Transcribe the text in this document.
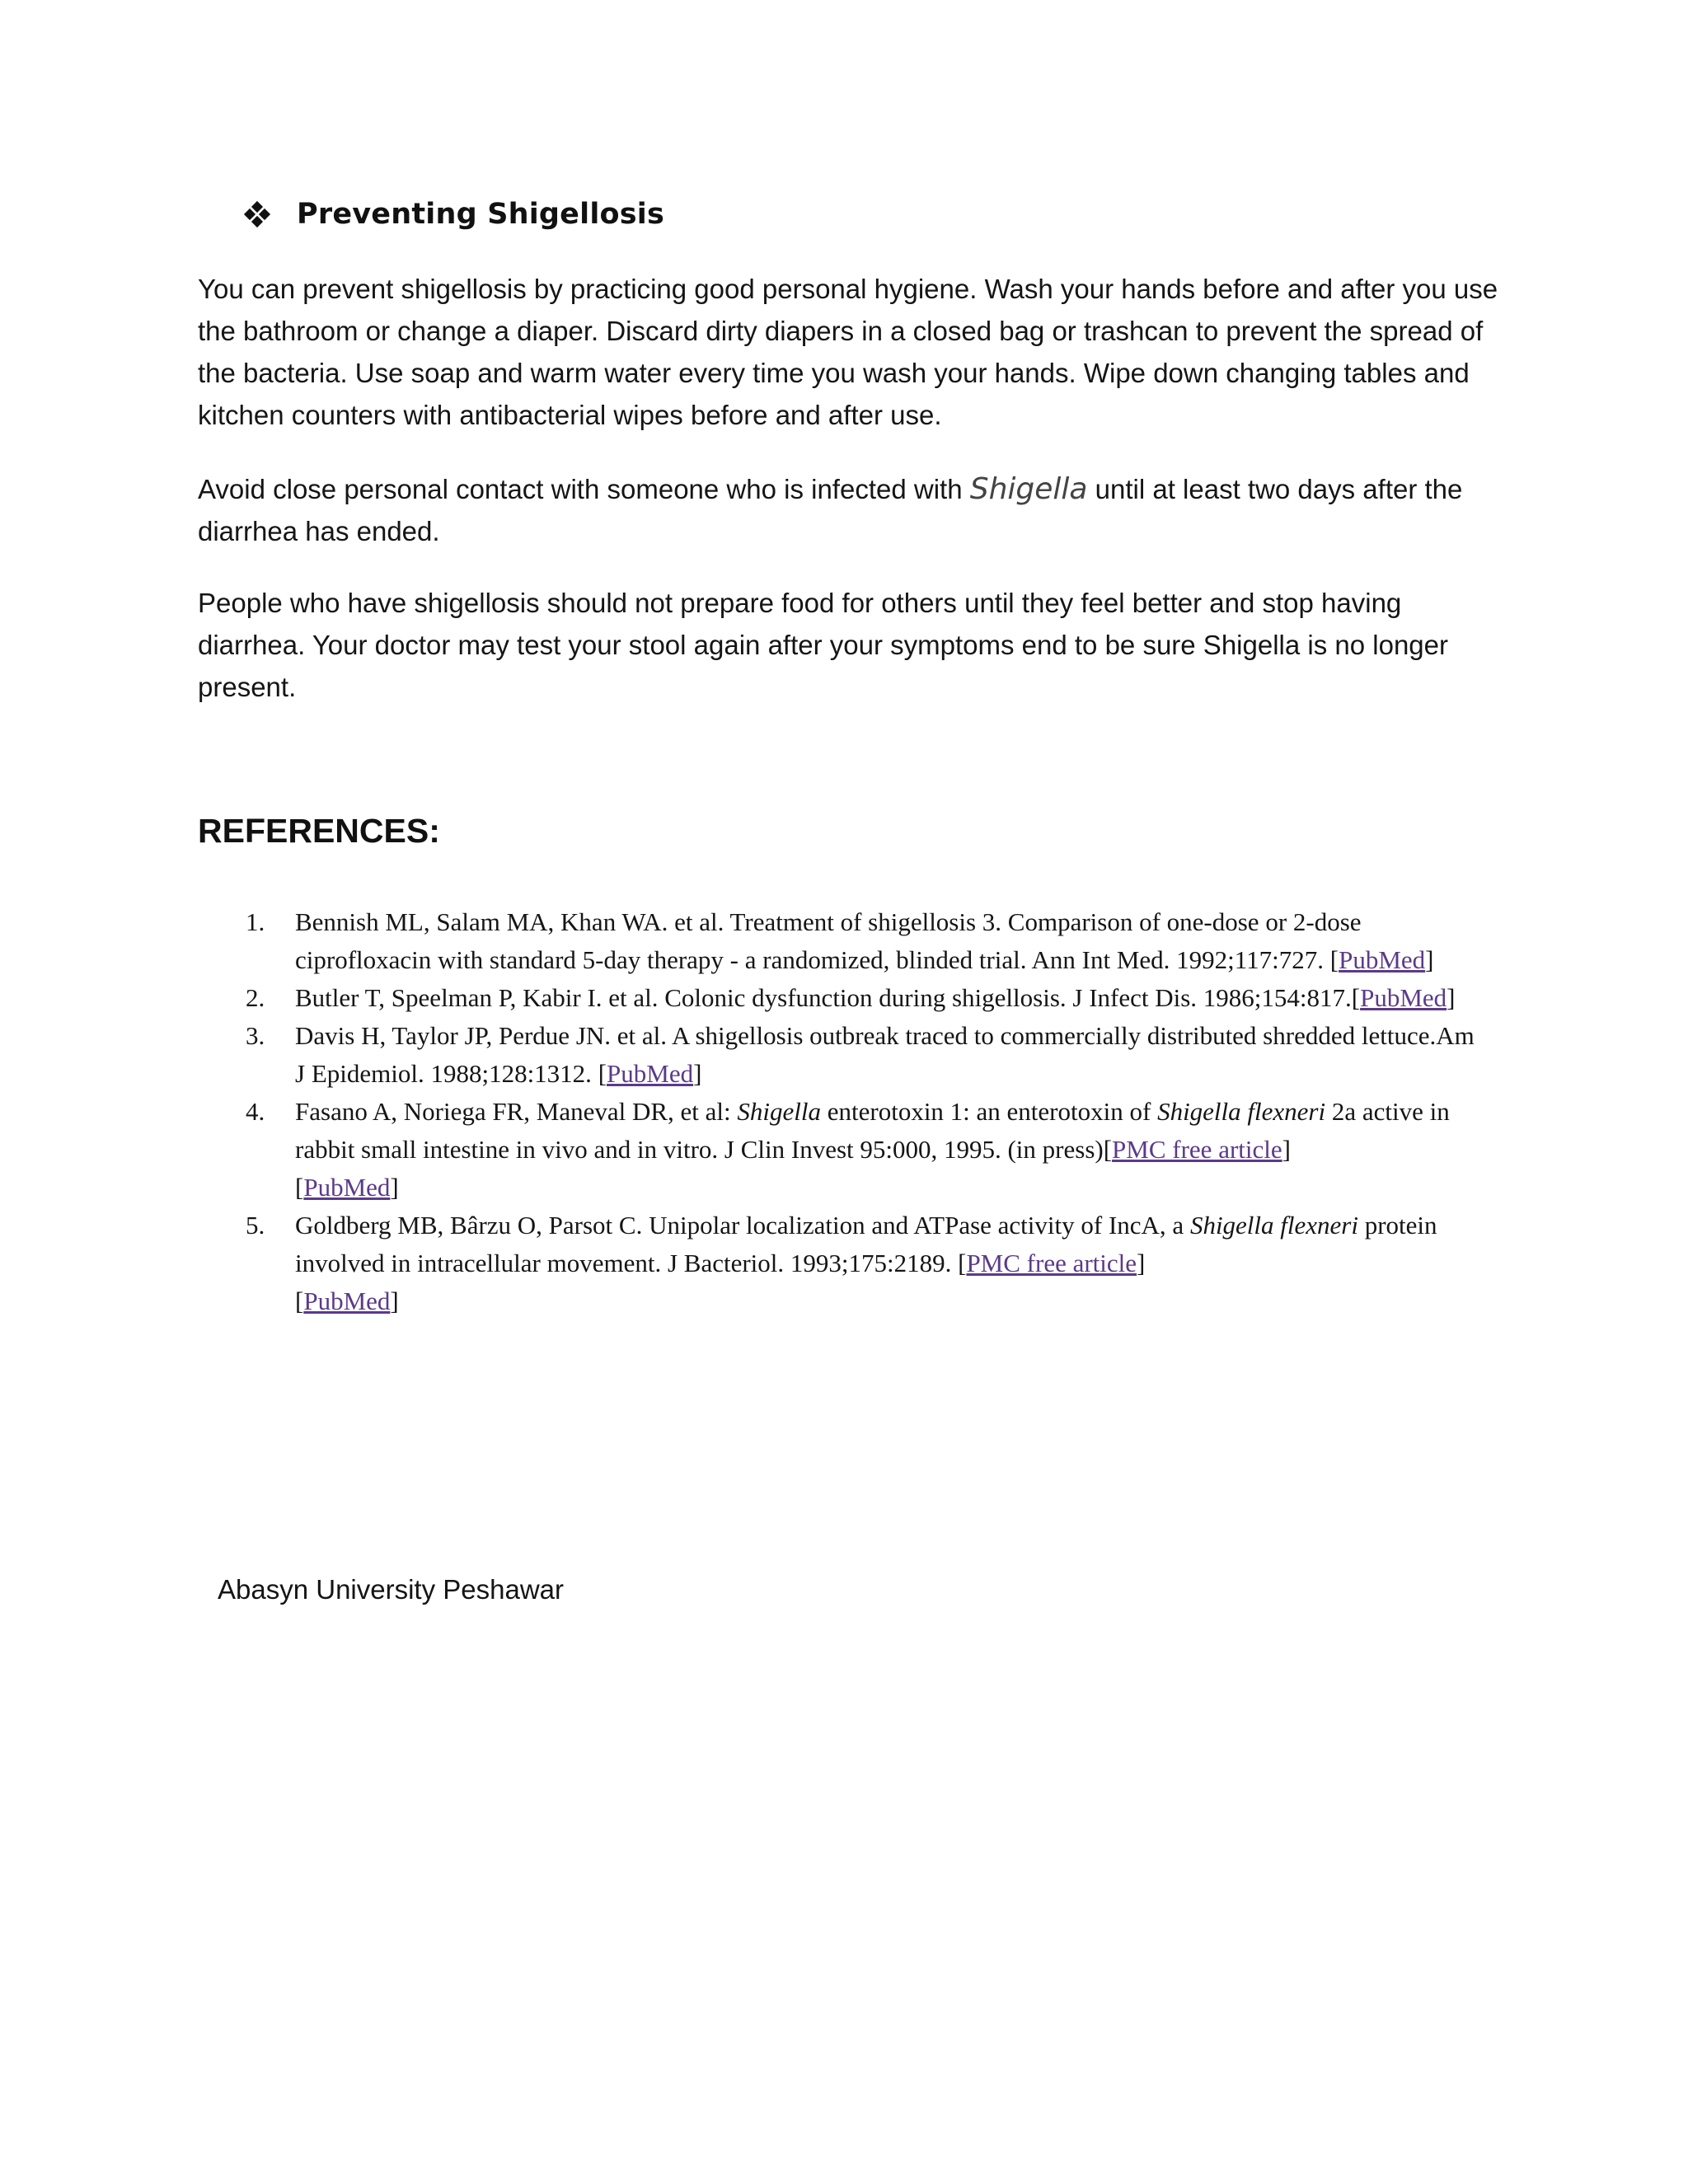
Preventing Shigellosis

You can prevent shigellosis by practicing good personal hygiene. Wash your hands before and after you use the bathroom or change a diaper. Discard dirty diapers in a closed bag or trashcan to prevent the spread of the bacteria. Use soap and warm water every time you wash your hands. Wipe down changing tables and kitchen counters with antibacterial wipes before and after use.

Avoid close personal contact with someone who is infected with Shigella until at least two days after the diarrhea has ended.

People who have shigellosis should not prepare food for others until they feel better and stop having diarrhea. Your doctor may test your stool again after your symptoms end to be sure Shigella is no longer present.

REFERENCES:
1. Bennish ML, Salam MA, Khan WA. et al. Treatment of shigellosis 3. Comparison of one-dose or 2-dose ciprofloxacin with standard 5-day therapy - a randomized, blinded trial. Ann Int Med. 1992;117:727. [PubMed]
2. Butler T, Speelman P, Kabir I. et al. Colonic dysfunction during shigellosis. J Infect Dis. 1986;154:817.[PubMed]
3. Davis H, Taylor JP, Perdue JN. et al. A shigellosis outbreak traced to commercially distributed shredded lettuce.Am J Epidemiol. 1988;128:1312. [PubMed]
4. Fasano A, Noriega FR, Maneval DR, et al: Shigella enterotoxin 1: an enterotoxin of Shigella flexneri 2a active in rabbit small intestine in vivo and in vitro. J Clin Invest 95:000, 1995. (in press)[PMC free article]
[PubMed]
5. Goldberg MB, Bârzu O, Parsot C. Unipolar localization and ATPase activity of IncA, a Shigella flexneri protein involved in intracellular movement. J Bacteriol. 1993;175:2189. [PMC free article]
[PubMed]
Abasyn University Peshawar
